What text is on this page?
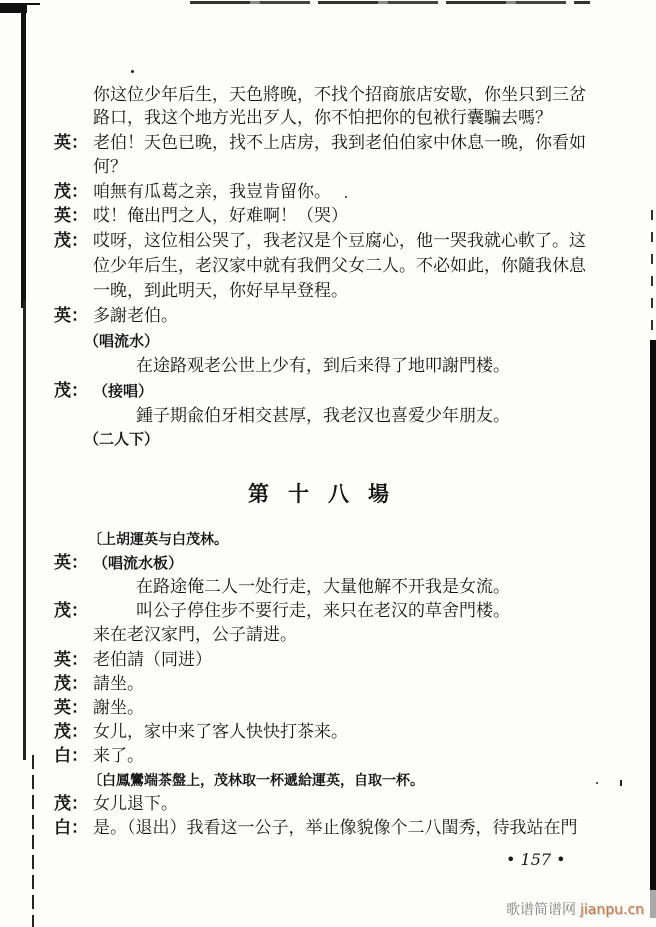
你这位少年后生，天色將晚，不找个招商旅店安歇，你坐只到三岔
路口，我这个地方光出歹人，你不怕把你的包袱行囊騙去嗎？
英： 老伯！天色已晚，找不上店房，我到老伯伯家中休息一晚，你看如
何？
茂： 咱無有瓜葛之亲，我豈肯留你。
英： 哎！俺出門之人，好难啊！（哭）
茂： 哎呀，这位相公哭了，我老汉是个豆腐心，他一哭我就心軟了。这
位少年后生，老汉家中就有我們父女二人。不必如此，你隨我休息
一晚，到此明天，你好早早登程。
英： 多謝老伯。
（唱流水）
在途路观老公世上少有，到后来得了地叩謝門楼。
茂： （接唱）
鍾子期兪伯牙相交甚厚，我老汉也喜爱少年朋友。
（二人下）
第十八場
〔上胡運英与白茂林。
英： （唱流水板）
在路途俺二人一处行走，大量他解不开我是女流。
茂：	叫公子停住步不要行走，来只在老汉的草舍門楼。
来在老汉家門，公子請进。
英： 老伯請（同进）
茂： 請坐。
英： 謝坐。
茂： 女儿，家中来了客人快快打茶来。
白： 来了。
〔白鳳鸞端茶盤上，茂林取一杯遞給運英，自取一杯。
茂： 女儿退下。
白： 是。（退出）我看这一公子，举止像貌像个二八閨秀，待我站在門
• 157 •
歌谱简谱网 jianpu.cn
